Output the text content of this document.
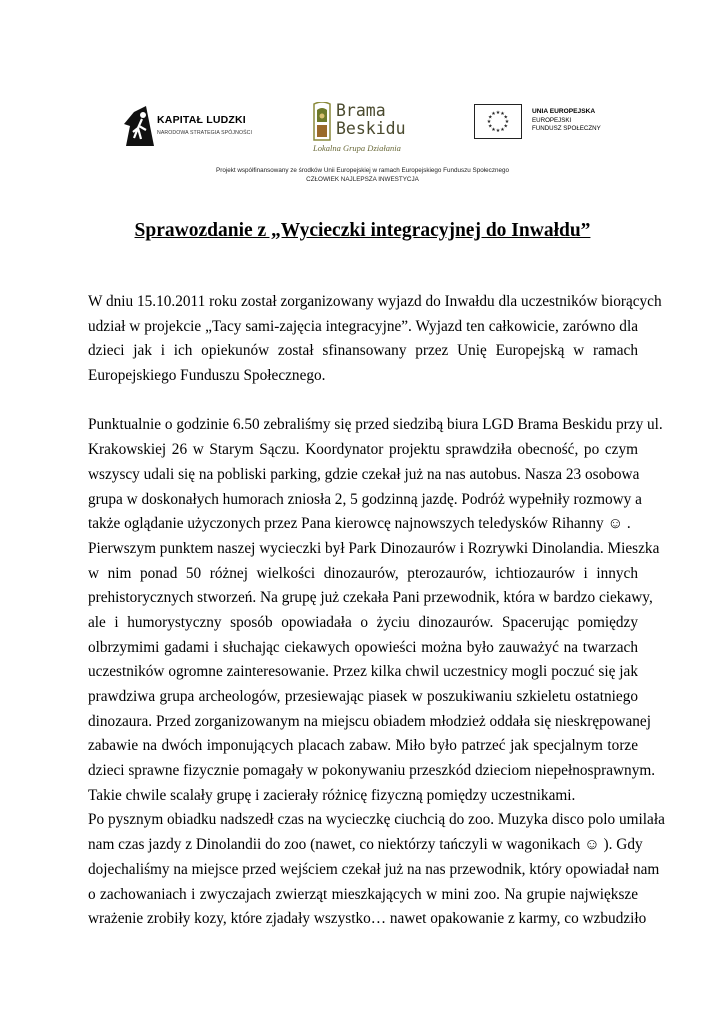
KAPITAŁ LUDZKI
NARODOWA STRATEGIA SPÓJNOŚCI
Brama
Beskidu
Lokalna Grupa Działania
★ ★
★
★
★
★
★
★
★
★
★
★	UNIA EUROPEJSKA
EUROPEJSKI
FUNDUSZ SPOŁECZNY
Projekt współfinansowany ze środków Unii Europejskiej w ramach Europejskiego Funduszu Społecznego
CZŁOWIEK NAJLEPSZA INWESTYCJA
Sprawozdanie z „Wycieczki integracyjnej do Inwałdu”

W dniu 15.10.2011 roku został zorganizowany wyjazd do Inwałdu dla uczestników biorących
udział w projekcie „Tacy sami-zajęcia integracyjne”. Wyjazd ten całkowicie, zarówno dla
dzieci jak i ich opiekunów został sfinansowany przez Unię Europejską w ramach
Europejskiego Funduszu Społecznego.

Punktualnie o godzinie 6.50 zebraliśmy się przed siedzibą biura LGD Brama Beskidu przy ul.
Krakowskiej 26 w Starym Sączu. Koordynator projektu sprawdziła obecność, po czym
wszyscy udali się na pobliski parking, gdzie czekał już na nas autobus. Nasza 23 osobowa
grupa w doskonałych humorach zniosła 2, 5 godzinną jazdę. Podróż wypełniły rozmowy a
także oglądanie użyczonych przez Pana kierowcę najnowszych teledysków Rihanny ☺ .

Pierwszym punktem naszej wycieczki był Park Dinozaurów i Rozrywki Dinolandia. Mieszka
w nim ponad 50 różnej wielkości dinozaurów, pterozaurów, ichtiozaurów i innych
prehistorycznych stworzeń. Na grupę już czekała Pani przewodnik, która w bardzo ciekawy,
ale i humorystyczny sposób opowiadała o życiu dinozaurów. Spacerując pomiędzy
olbrzymimi gadami i słuchając ciekawych opowieści można było zauważyć na twarzach
uczestników ogromne zainteresowanie. Przez kilka chwil uczestnicy mogli poczuć się jak
prawdziwa grupa archeologów, przesiewając piasek w poszukiwaniu szkieletu ostatniego
dinozaura. Przed zorganizowanym na miejscu obiadem młodzież oddała się nieskrępowanej
zabawie na dwóch imponujących placach zabaw. Miło było patrzeć jak specjalnym torze
dzieci sprawne fizycznie pomagały w pokonywaniu przeszkód dzieciom niepełnosprawnym.
Takie chwile scalały grupę i zacierały różnicę fizyczną pomiędzy uczestnikami.

Po pysznym obiadku nadszedł czas na wycieczkę ciuchcią do zoo. Muzyka disco polo umilała
nam czas jazdy z Dinolandii do zoo (nawet, co niektórzy tańczyli w wagonikach ☺ ). Gdy
dojechaliśmy na miejsce przed wejściem czekał już na nas przewodnik, który opowiadał nam
o zachowaniach i zwyczajach zwierząt mieszkających w mini zoo. Na grupie największe
wrażenie zrobiły kozy, które zjadały wszystko… nawet opakowanie z karmy, co wzbudziło
